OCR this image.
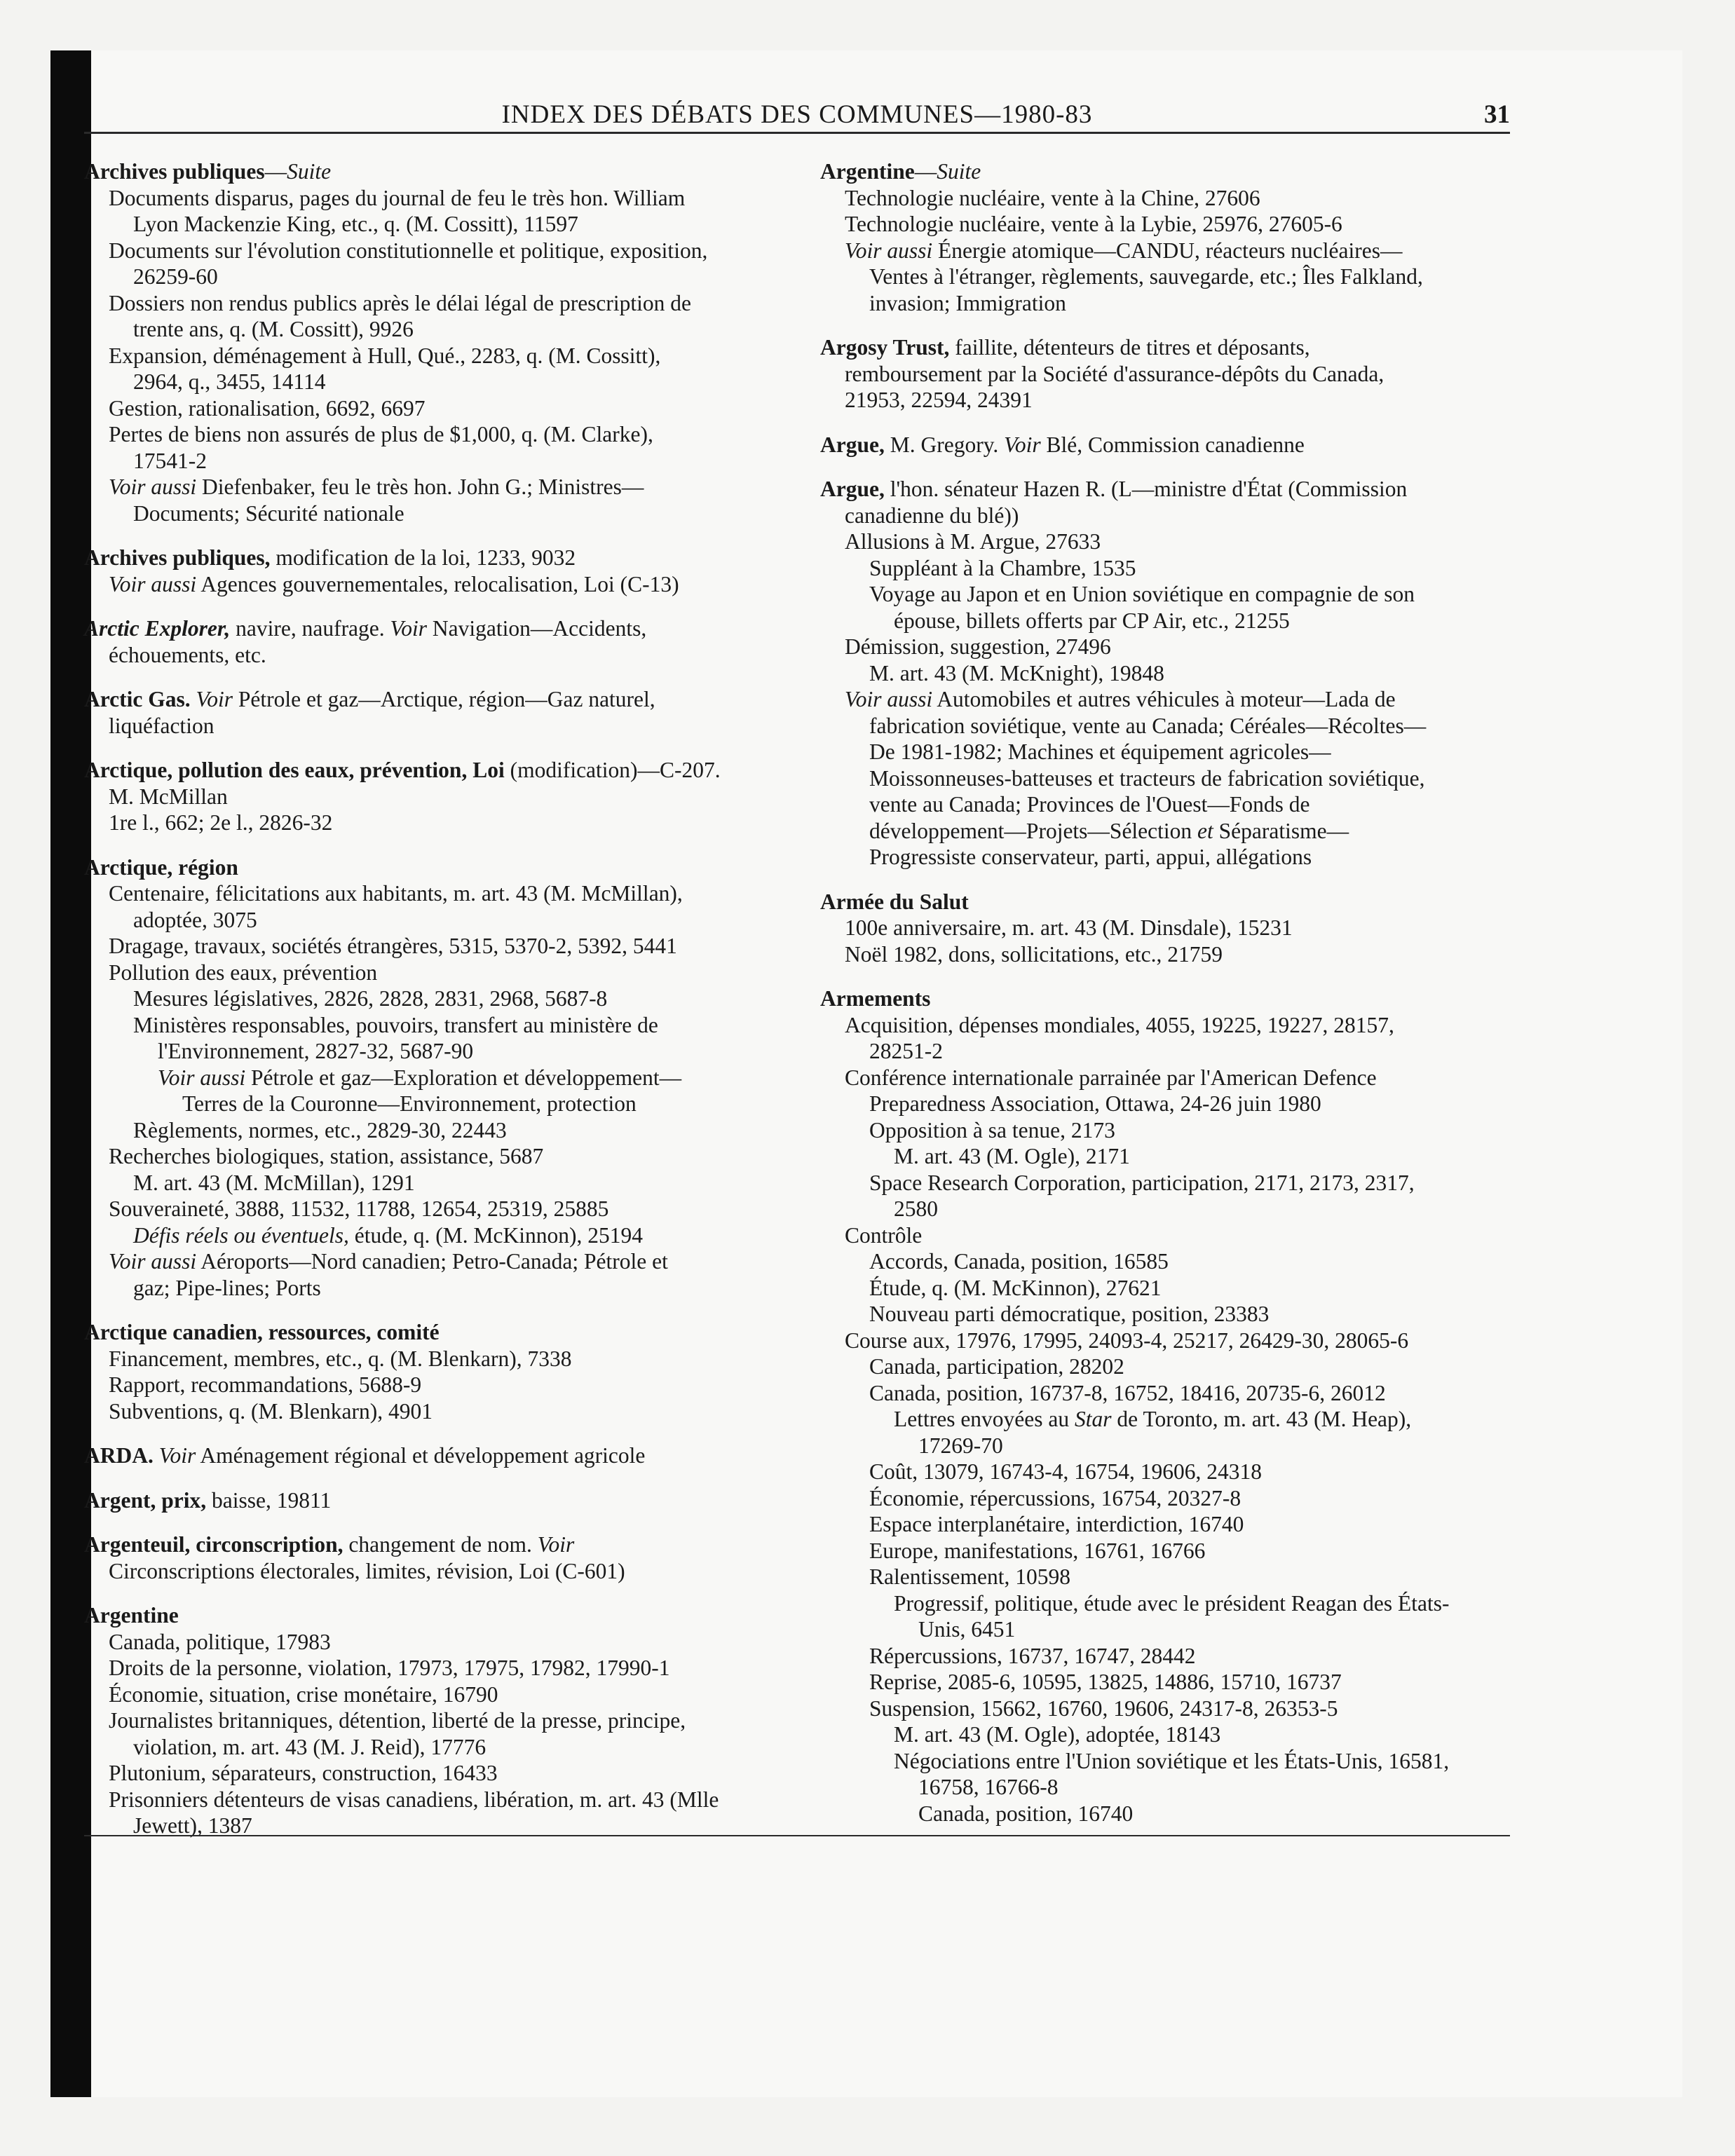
INDEX DES DÉBATS DES COMMUNES—1980-83	31
Archives publiques—Suite
Documents disparus, pages du journal de feu le très hon. William
Lyon Mackenzie King, etc., q. (M. Cossitt), 11597
Documents sur l'évolution constitutionnelle et politique, exposition,
26259-60
Dossiers non rendus publics après le délai légal de prescription de
trente ans, q. (M. Cossitt), 9926
Expansion, déménagement à Hull, Qué., 2283, q. (M. Cossitt),
2964, q., 3455, 14114
Gestion, rationalisation, 6692, 6697
Pertes de biens non assurés de plus de $1,000, q. (M. Clarke),
17541-2
Voir aussi Diefenbaker, feu le très hon. John G.; Ministres—
Documents; Sécurité nationale
Archives publiques, modification de la loi, 1233, 9032
Voir aussi Agences gouvernementales, relocalisation, Loi (C-13)
Arctic Explorer, navire, naufrage. Voir Navigation—Accidents,
échouements, etc.
Arctic Gas. Voir Pétrole et gaz—Arctique, région—Gaz naturel,
liquéfaction
Arctique, pollution des eaux, prévention, Loi (modification)—C-207.
M. McMillan
1re l., 662; 2e l., 2826-32
Arctique, région
Centenaire, félicitations aux habitants, m. art. 43 (M. McMillan),
adoptée, 3075
Dragage, travaux, sociétés étrangères, 5315, 5370-2, 5392, 5441
Pollution des eaux, prévention
Mesures législatives, 2826, 2828, 2831, 2968, 5687-8
Ministères responsables, pouvoirs, transfert au ministère de
l'Environnement, 2827-32, 5687-90
Voir aussi Pétrole et gaz—Exploration et développement—
Terres de la Couronne—Environnement, protection
Règlements, normes, etc., 2829-30, 22443
Recherches biologiques, station, assistance, 5687
M. art. 43 (M. McMillan), 1291
Souveraineté, 3888, 11532, 11788, 12654, 25319, 25885
Défis réels ou éventuels, étude, q. (M. McKinnon), 25194
Voir aussi Aéroports—Nord canadien; Petro-Canada; Pétrole et
gaz; Pipe-lines; Ports
Arctique canadien, ressources, comité
Financement, membres, etc., q. (M. Blenkarn), 7338
Rapport, recommandations, 5688-9
Subventions, q. (M. Blenkarn), 4901
ARDA. Voir Aménagement régional et développement agricole
Argent, prix, baisse, 19811
Argenteuil, circonscription, changement de nom. Voir
Circonscriptions électorales, limites, révision, Loi (C-601)
Argentine
Canada, politique, 17983
Droits de la personne, violation, 17973, 17975, 17982, 17990-1
Économie, situation, crise monétaire, 16790
Journalistes britanniques, détention, liberté de la presse, principe,
violation, m. art. 43 (M. J. Reid), 17776
Plutonium, séparateurs, construction, 16433
Prisonniers détenteurs de visas canadiens, libération, m. art. 43 (Mlle
Jewett), 1387
Argentine—Suite
Technologie nucléaire, vente à la Chine, 27606
Technologie nucléaire, vente à la Lybie, 25976, 27605-6
Voir aussi Énergie atomique—CANDU, réacteurs nucléaires—
Ventes à l'étranger, règlements, sauvegarde, etc.; Îles Falkland,
invasion; Immigration
Argosy Trust, faillite, détenteurs de titres et déposants,
remboursement par la Société d'assurance-dépôts du Canada,
21953, 22594, 24391
Argue, M. Gregory. Voir Blé, Commission canadienne
Argue, l'hon. sénateur Hazen R. (L—ministre d'État (Commission
canadienne du blé))
Allusions à M. Argue, 27633
Suppléant à la Chambre, 1535
Voyage au Japon et en Union soviétique en compagnie de son
épouse, billets offerts par CP Air, etc., 21255
Démission, suggestion, 27496
M. art. 43 (M. McKnight), 19848
Voir aussi Automobiles et autres véhicules à moteur—Lada de
fabrication soviétique, vente au Canada; Céréales—Récoltes—
De 1981-1982; Machines et équipement agricoles—
Moissonneuses-batteuses et tracteurs de fabrication soviétique,
vente au Canada; Provinces de l'Ouest—Fonds de
développement—Projets—Sélection et Séparatisme—
Progressiste conservateur, parti, appui, allégations
Armée du Salut
100e anniversaire, m. art. 43 (M. Dinsdale), 15231
Noël 1982, dons, sollicitations, etc., 21759
Armements
Acquisition, dépenses mondiales, 4055, 19225, 19227, 28157,
28251-2
Conférence internationale parrainée par l'American Defence
Preparedness Association, Ottawa, 24-26 juin 1980
Opposition à sa tenue, 2173
M. art. 43 (M. Ogle), 2171
Space Research Corporation, participation, 2171, 2173, 2317,
2580
Contrôle
Accords, Canada, position, 16585
Étude, q. (M. McKinnon), 27621
Nouveau parti démocratique, position, 23383
Course aux, 17976, 17995, 24093-4, 25217, 26429-30, 28065-6
Canada, participation, 28202
Canada, position, 16737-8, 16752, 18416, 20735-6, 26012
Lettres envoyées au Star de Toronto, m. art. 43 (M. Heap),
17269-70
Coût, 13079, 16743-4, 16754, 19606, 24318
Économie, répercussions, 16754, 20327-8
Espace interplanétaire, interdiction, 16740
Europe, manifestations, 16761, 16766
Ralentissement, 10598
Progressif, politique, étude avec le président Reagan des États-
Unis, 6451
Répercussions, 16737, 16747, 28442
Reprise, 2085-6, 10595, 13825, 14886, 15710, 16737
Suspension, 15662, 16760, 19606, 24317-8, 26353-5
M. art. 43 (M. Ogle), adoptée, 18143
Négociations entre l'Union soviétique et les États-Unis, 16581,
16758, 16766-8
Canada, position, 16740
